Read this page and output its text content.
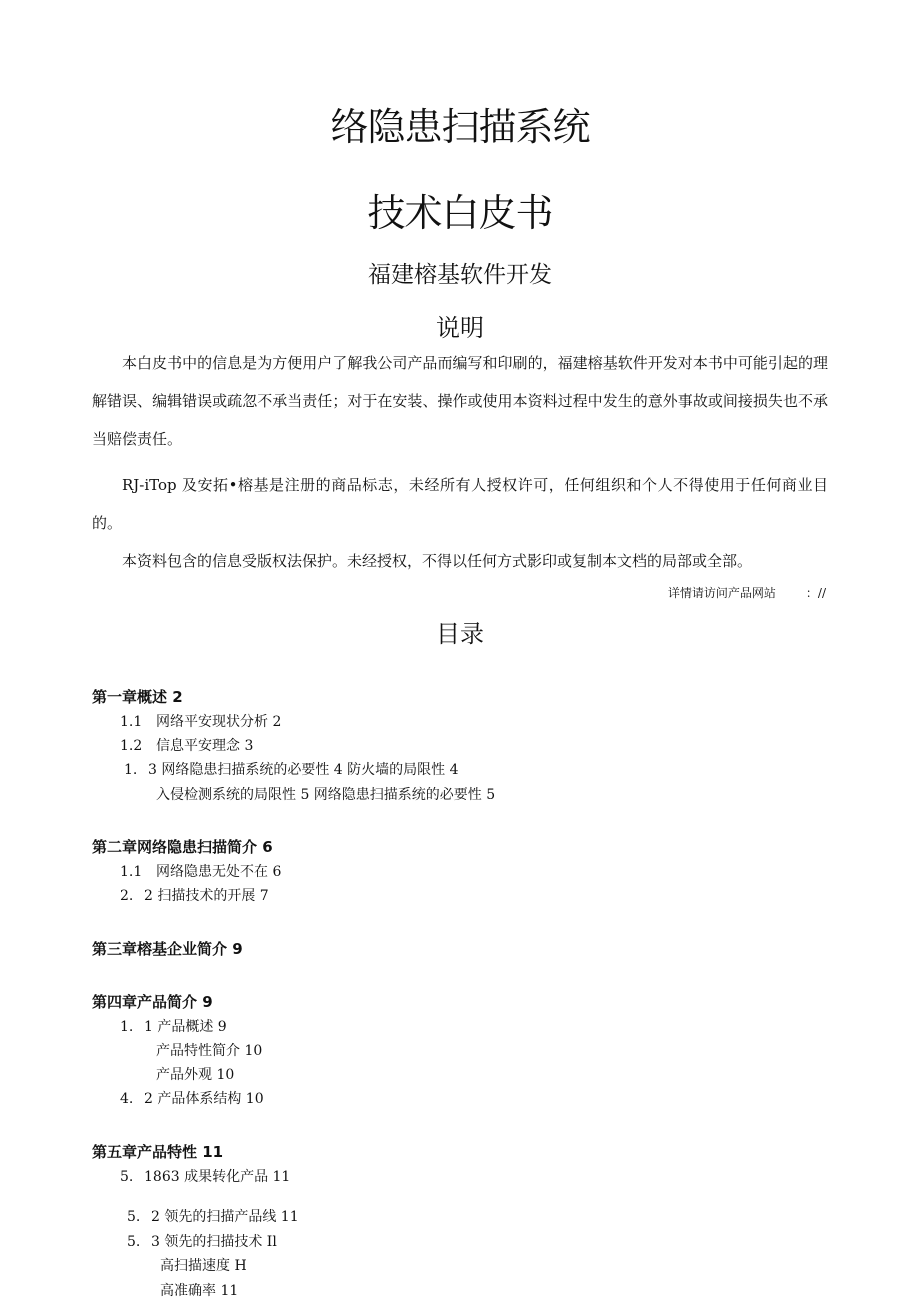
络隐患扫描系统
技术白皮书
福建榕基软件开发
说明
本白皮书中的信息是为方便用户了解我公司产品而编写和印刷的，福建榕基软件开发对本书中可能引起的理解错误、编辑错误或疏忽不承当责任；对于在安装、操作或使用本资料过程中发生的意外事故或间接损失也不承当赔偿责任。
RJ-iTop 及安拓•榕基是注册的商品标志，未经所有人授权许可，任何组织和个人不得使用于任何商业目的。
本资料包含的信息受版权法保护。未经授权，不得以任何方式影印或复制本文档的局部或全部。
详情请访问产品网站	：//
目录
第一章概述 2
1.1 网络平安现状分析 2
1.2 信息平安理念 3
1. 3 网络隐患扫描系统的必要性 4 防火墙的局限性 4
入侵检测系统的局限性 5 网络隐患扫描系统的必要性 5
第二章网络隐患扫描简介 6
1.1 网络隐患无处不在 6
2. 2 扫描技术的开展 7
第三章榕基企业简介 9
第四章产品简介 9
1. 1 产品概述 9
产品特性简介 10
产品外观 10
4. 2 产品体系结构 10
第五章产品特性 11
5. 1863 成果转化产品 11
5. 2 领先的扫描产品线 11
5. 3 领先的扫描技术 Il
高扫描速度 H
高准确率 11
